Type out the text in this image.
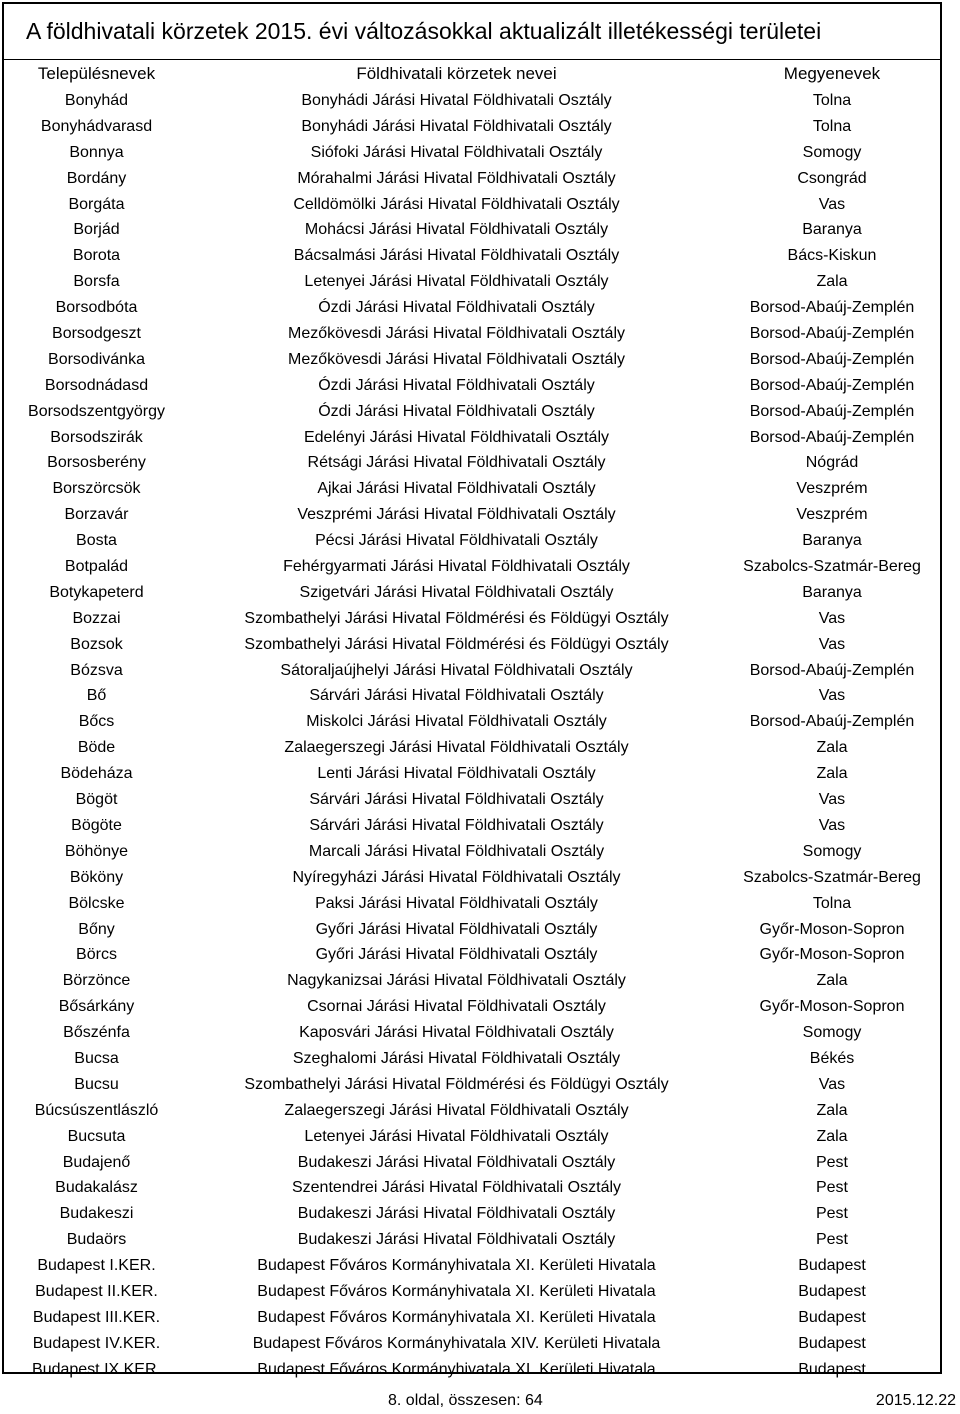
A földhivatali körzetek 2015. évi változásokkal aktualizált illetékességi területei
Településnevek	Földhivatali körzetek nevei	Megyenevek
Bonyhád	Bonyhádi Járási Hivatal Földhivatali Osztály	Tolna
Bonyhádvarasd	Bonyhádi Járási Hivatal Földhivatali Osztály	Tolna
Bonnya	Siófoki Járási Hivatal Földhivatali Osztály	Somogy
Bordány	Mórahalmi Járási Hivatal Földhivatali Osztály	Csongrád
Borgáta	Celldömölki Járási Hivatal Földhivatali Osztály	Vas
Borjád	Mohácsi Járási Hivatal Földhivatali Osztály	Baranya
Borota	Bácsalmási Járási Hivatal Földhivatali Osztály	Bács-Kiskun
Borsfa	Letenyei Járási Hivatal Földhivatali Osztály	Zala
Borsodbóta	Ózdi Járási Hivatal Földhivatali Osztály	Borsod-Abaúj-Zemplén
Borsodgeszt	Mezőkövesdi Járási Hivatal Földhivatali Osztály	Borsod-Abaúj-Zemplén
Borsodivánka	Mezőkövesdi Járási Hivatal Földhivatali Osztály	Borsod-Abaúj-Zemplén
Borsodnádasd	Ózdi Járási Hivatal Földhivatali Osztály	Borsod-Abaúj-Zemplén
Borsodszentgyörgy	Ózdi Járási Hivatal Földhivatali Osztály	Borsod-Abaúj-Zemplén
Borsodszirák	Edelényi Járási Hivatal Földhivatali Osztály	Borsod-Abaúj-Zemplén
Borsosberény	Rétsági Járási Hivatal Földhivatali Osztály	Nógrád
Borszörcsök	Ajkai Járási Hivatal Földhivatali Osztály	Veszprém
Borzavár	Veszprémi Járási Hivatal Földhivatali Osztály	Veszprém
Bosta	Pécsi Járási Hivatal Földhivatali Osztály	Baranya
Botpalád	Fehérgyarmati Járási Hivatal Földhivatali Osztály	Szabolcs-Szatmár-Bereg
Botykapeterd	Szigetvári Járási Hivatal Földhivatali Osztály	Baranya
Bozzai	Szombathelyi Járási Hivatal Földmérési és Földügyi Osztály	Vas
Bozsok	Szombathelyi Járási Hivatal Földmérési és Földügyi Osztály	Vas
Bózsva	Sátoraljaújhelyi Járási Hivatal Földhivatali Osztály	Borsod-Abaúj-Zemplén
Bő	Sárvári Járási Hivatal Földhivatali Osztály	Vas
Bőcs	Miskolci Járási Hivatal Földhivatali Osztály	Borsod-Abaúj-Zemplén
Böde	Zalaegerszegi Járási Hivatal Földhivatali Osztály	Zala
Bödeháza	Lenti Járási Hivatal Földhivatali Osztály	Zala
Bögöt	Sárvári Járási Hivatal Földhivatali Osztály	Vas
Bögöte	Sárvári Járási Hivatal Földhivatali Osztály	Vas
Böhönye	Marcali Járási Hivatal Földhivatali Osztály	Somogy
Bököny	Nyíregyházi Járási Hivatal Földhivatali Osztály	Szabolcs-Szatmár-Bereg
Bölcske	Paksi Járási Hivatal Földhivatali Osztály	Tolna
Bőny	Győri Járási Hivatal Földhivatali Osztály	Győr-Moson-Sopron
Börcs	Győri Járási Hivatal Földhivatali Osztály	Győr-Moson-Sopron
Börzönce	Nagykanizsai Járási Hivatal Földhivatali Osztály	Zala
Bősárkány	Csornai Járási Hivatal Földhivatali Osztály	Győr-Moson-Sopron
Bőszénfa	Kaposvári Járási Hivatal Földhivatali Osztály	Somogy
Bucsa	Szeghalomi Járási Hivatal Földhivatali Osztály	Békés
Bucsu	Szombathelyi Járási Hivatal Földmérési és Földügyi Osztály	Vas
Búcsúszentlászló	Zalaegerszegi Járási Hivatal Földhivatali Osztály	Zala
Bucsuta	Letenyei Járási Hivatal Földhivatali Osztály	Zala
Budajenő	Budakeszi Járási Hivatal Földhivatali Osztály	Pest
Budakalász	Szentendrei Járási Hivatal Földhivatali Osztály	Pest
Budakeszi	Budakeszi Járási Hivatal Földhivatali Osztály	Pest
Budaörs	Budakeszi Járási Hivatal Földhivatali Osztály	Pest
Budapest I.KER.	Budapest Főváros Kormányhivatala XI. Kerületi Hivatala	Budapest
Budapest II.KER.	Budapest Főváros Kormányhivatala XI. Kerületi Hivatala	Budapest
Budapest III.KER.	Budapest Főváros Kormányhivatala XI. Kerületi Hivatala	Budapest
Budapest IV.KER.	Budapest Főváros Kormányhivatala XIV. Kerületi Hivatala	Budapest
Budapest IX.KER.	Budapest Főváros Kormányhivatala XI. Kerületi Hivatala	Budapest
8. oldal, összesen: 64	2015.12.22
